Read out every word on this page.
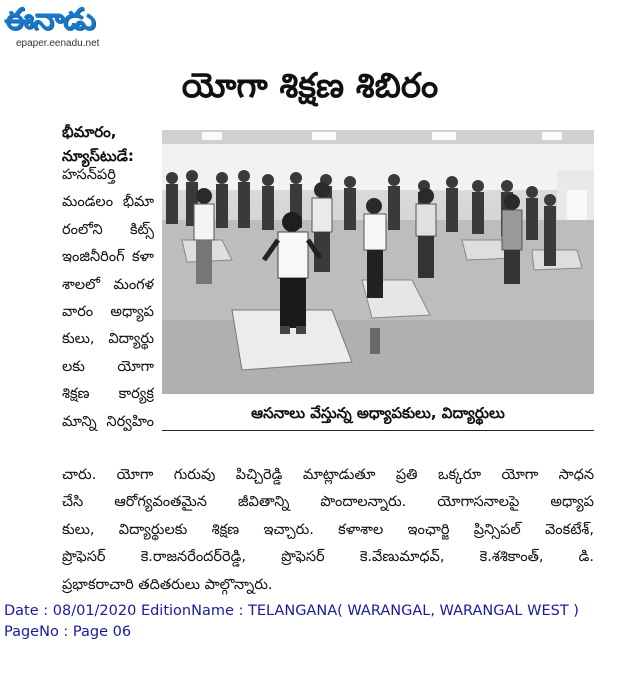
ఈనాడు
epaper.eenadu.net
యోగా శిక్షణ శిబిరం
భీమారం,
న్యూస్‌టుడే:
హసన్‌పర్తి
మండలం భీమా
రంలోని కిట్స్
ఇంజినీరింగ్ కళా
శాలలో మంగళ
వారం అధ్యాప
కులు, విద్యార్థు
లకు యోగా
శిక్షణ కార్యక్ర
మాన్ని నిర్వహిం	ఆసనాలు వేస్తున్న అధ్యాపకులు, విద్యార్థులు
చారు. యోగా గురువు పిచ్చిరెడ్డి మాట్లాడుతూ ప్రతి ఒక్కరూ యోగా సాధన
చేసి ఆరోగ్యవంతమైన జీవితాన్ని పొందాలన్నారు. యోగాసనాలపై అధ్యాప
కులు, విద్యార్థులకు శిక్షణ ఇచ్చారు. కళాశాల ఇంఛార్జి ప్రిన్సిపల్ వెంకటేశ్,
ప్రొఫెసర్ కె.రాజనరేందర్‌రెడ్డి, ప్రొఫెసర్ కె.వేణుమాధవ్, కె.శశికాంత్, డి.
ప్రభాకరాచారి తదితరులు పాల్గొన్నారు.
Date : 08/01/2020 EditionName : TELANGANA( WARANGAL, WARANGAL WEST )
PageNo : Page 06
